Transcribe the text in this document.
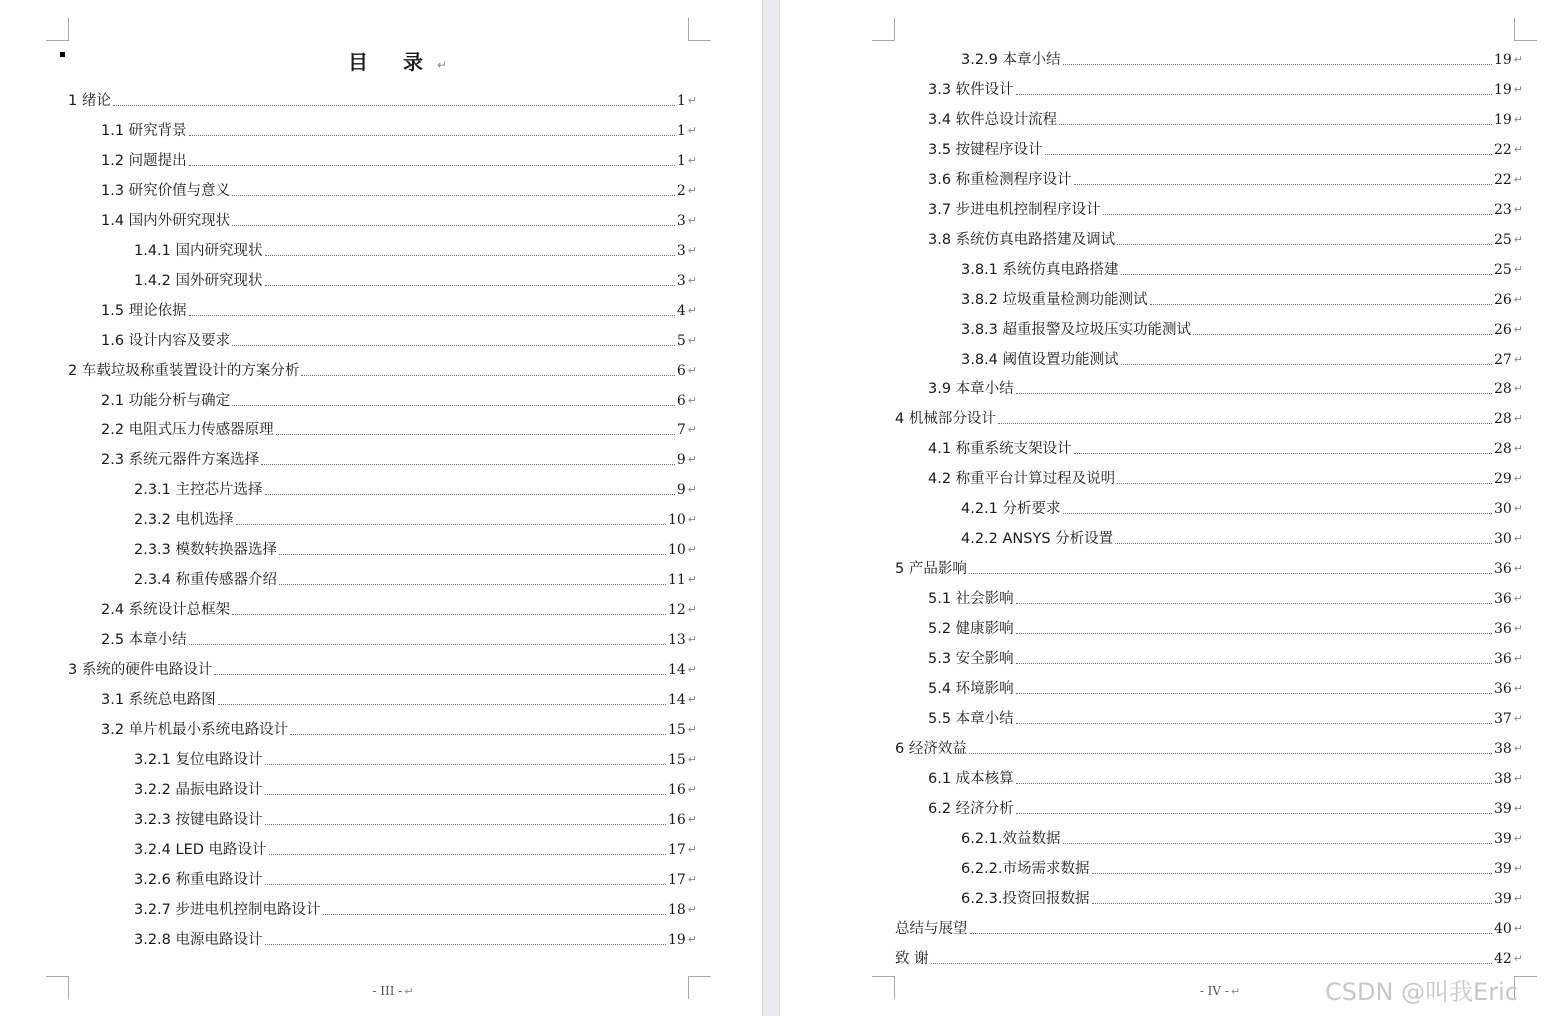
目 录↵
1 绪论	1 ↵
1.1 研究背景	1 ↵
1.2 问题提出	1 ↵
1.3 研究价值与意义	2 ↵
1.4 国内外研究现状	3 ↵
1.4.1 国内研究现状	3 ↵
1.4.2 国外研究现状	3 ↵
1.5 理论依据	4 ↵
1.6 设计内容及要求	5 ↵
2 车载垃圾称重装置设计的方案分析	6 ↵
2.1 功能分析与确定	6 ↵
2.2 电阻式压力传感器原理	7 ↵
2.3 系统元器件方案选择	9 ↵
2.3.1 主控芯片选择	9 ↵
2.3.2 电机选择	10 ↵
2.3.3 模数转换器选择	10 ↵
2.3.4 称重传感器介绍	11 ↵
2.4 系统设计总框架	12 ↵
2.5 本章小结	13 ↵
3 系统的硬件电路设计	14 ↵
3.1 系统总电路图	14 ↵
3.2 单片机最小系统电路设计	15 ↵
3.2.1 复位电路设计	15 ↵
3.2.2 晶振电路设计	16 ↵
3.2.3 按键电路设计	16 ↵
3.2.4 LED 电路设计	17 ↵
3.2.6 称重电路设计	17 ↵
3.2.7 步进电机控制电路设计	18 ↵
3.2.8 电源电路设计	19 ↵
- III - ↵
3.2.9 本章小结	19 ↵
3.3 软件设计	19 ↵
3.4 软件总设计流程	19 ↵
3.5 按键程序设计	22 ↵
3.6 称重检测程序设计	22 ↵
3.7 步进电机控制程序设计	23 ↵
3.8 系统仿真电路搭建及调试	25 ↵
3.8.1 系统仿真电路搭建	25 ↵
3.8.2 垃圾重量检测功能测试	26 ↵
3.8.3 超重报警及垃圾压实功能测试	26 ↵
3.8.4 阈值设置功能测试	27 ↵
3.9 本章小结	28 ↵
4 机械部分设计	28 ↵
4.1 称重系统支架设计	28 ↵
4.2 称重平台计算过程及说明	29 ↵
4.2.1 分析要求	30 ↵
4.2.2 ANSYS 分析设置	30 ↵
5 产品影响	36 ↵
5.1 社会影响	36 ↵
5.2 健康影响	36 ↵
5.3 安全影响	36 ↵
5.4 环境影响	36 ↵
5.5 本章小结	37 ↵
6 经济效益	38 ↵
6.1 成本核算	38 ↵
6.2 经济分析	39 ↵
6.2.1.效益数据	39 ↵
6.2.2.市场需求数据	39 ↵
6.2.3.投资回报数据	39 ↵
总结与展望	40 ↵
致 谢	42 ↵
- IV - ↵	CSDN @叫我Eric
